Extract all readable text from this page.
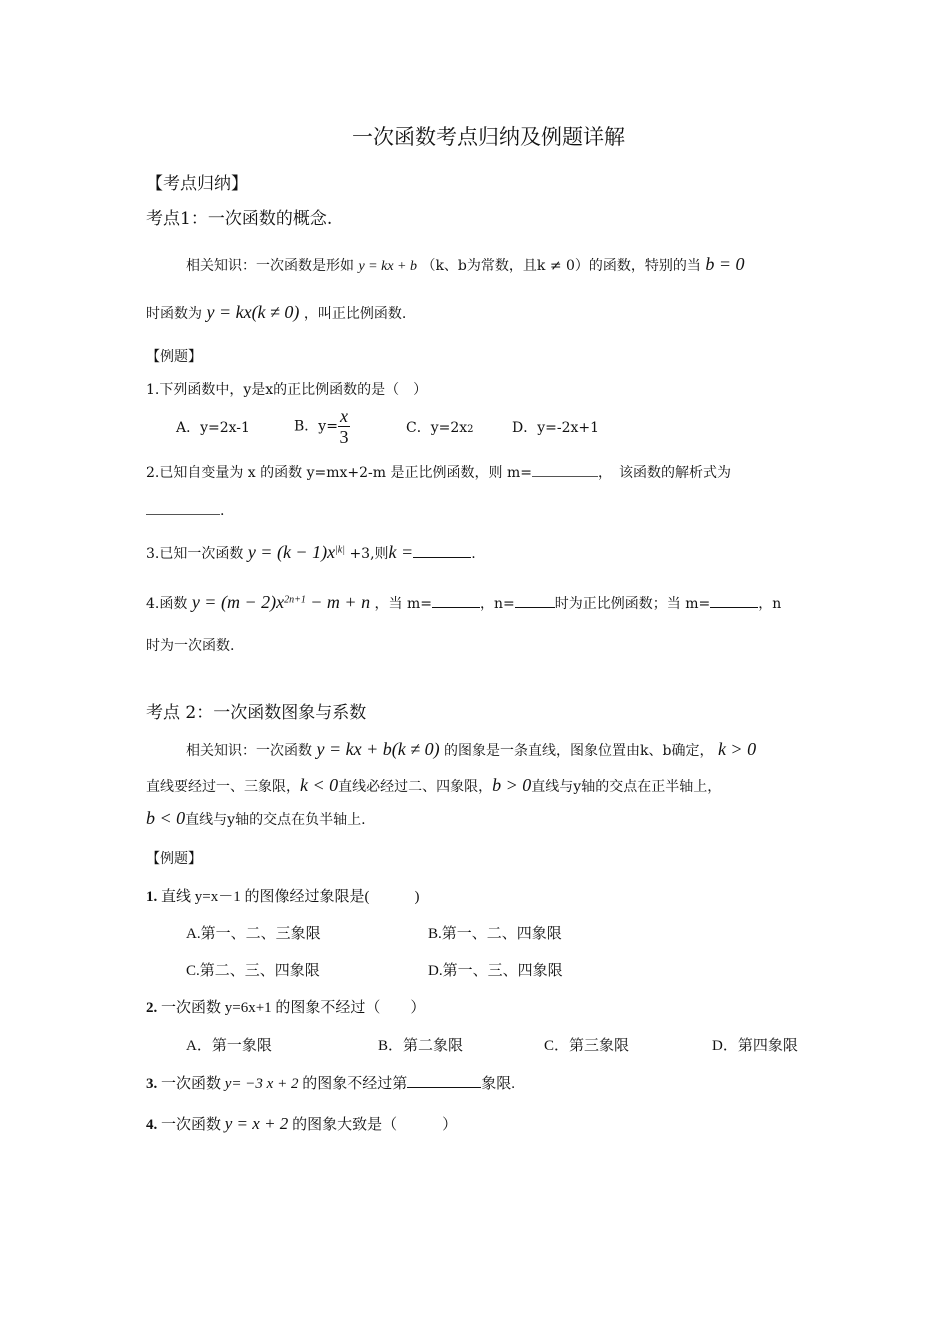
一次函数考点归纳及例题详解
【考点归纳】
考点1：一次函数的概念.
相关知识：一次函数是形如 y = kx + b （k、b为常数，且k ≠ 0）的函数，特别的当 b = 0
时函数为 y = kx(k ≠ 0) ，叫正比例函数.
【例题】
1.下列函数中，y是x的正比例函数的是（　）
A．y=2x-1	B．$y= \frac{x}{3}$	C．y=2x2	D．y=-2x+1
2.已知自变量为 x 的函数 y=mx+2-m 是正比例函数，则 m=	，　该函数的解析式为
.
3.已知一次函数 $y = (k - 1)x^{|k|} +3$,则k =	.
4.函数 $y = (m - 2)x^{2n+1} - m + n$ ，当 m=	，n=	时为正比例函数；当 m=	，n
时为一次函数.
考点 2：一次函数图象与系数
相关知识：一次函数 y = kx + b(k ≠ 0) 的图象是一条直线，图象位置由k、b确定， k > 0
直线要经过一、三象限，k < 0直线必经过二、四象限，b > 0直线与y轴的交点在正半轴上，
b < 0直线与y轴的交点在负半轴上.
【例题】
1. 直线 y=x－1 的图像经过象限是(　　　)
A.第一、二、三象限	B.第一、二、四象限
C.第二、三、四象限	D.第一、三、四象限
2. 一次函数 y=6x+1 的图象不经过（　　）
A．第一象限	B．第二象限	C．第三象限	D．第四象限
3. 一次函数 y= −3 x + 2 的图象不经过第	象限.
4. 一次函数 y = x + 2 的图象大致是（　　　）
